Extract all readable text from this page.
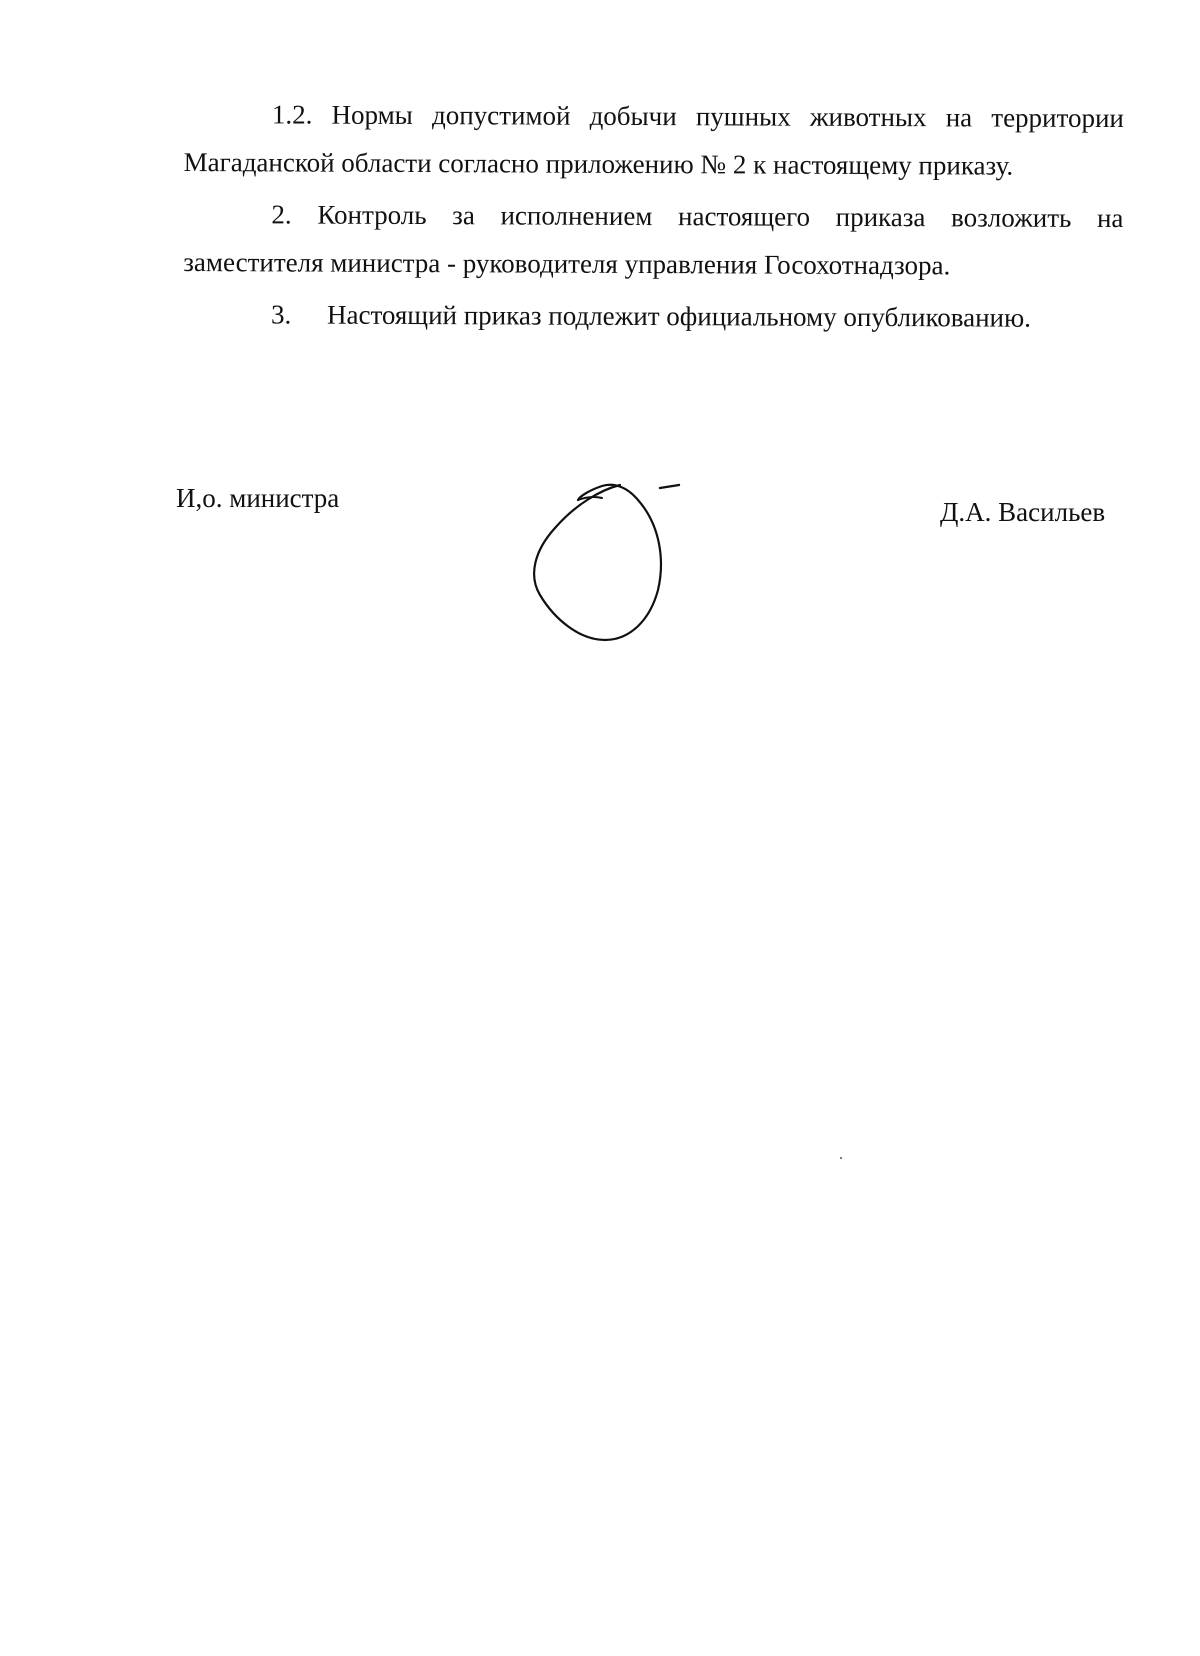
1.2. Нормы допустимой добычи пушных животных на территории
Магаданской области согласно приложению № 2 к настоящему приказу.

2. Контроль за исполнением настоящего приказа возложить на
заместителя министра - руководителя управления Госохотнадзора.

3.	Настоящий приказ подлежит официальному опубликованию.
И,о. министра	Д.А. Васильев
